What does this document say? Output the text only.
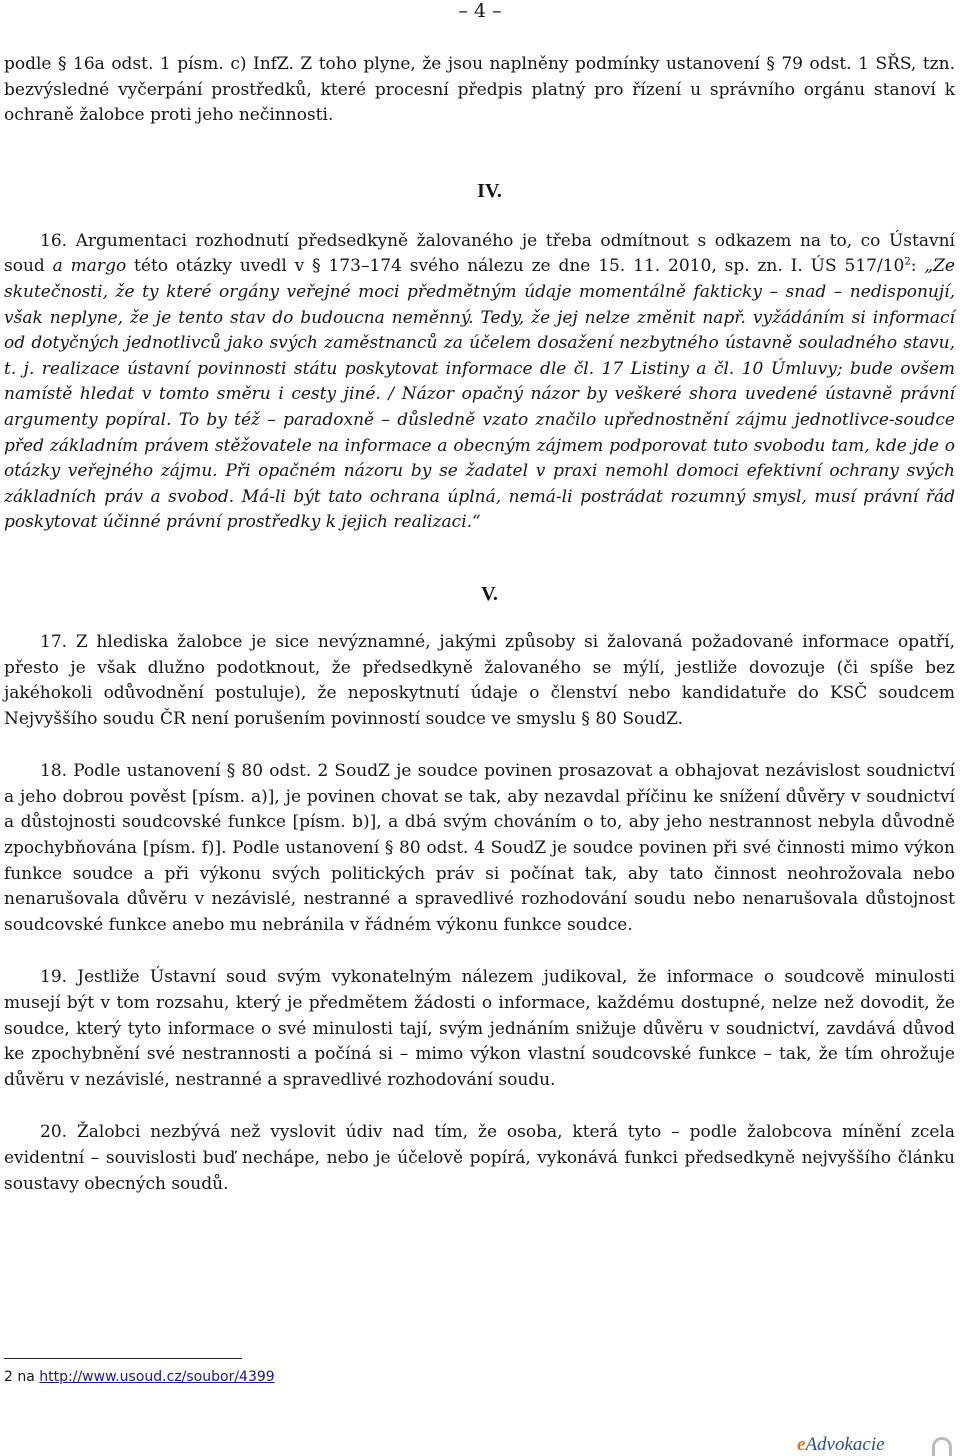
– 4 –

podle § 16a odst. 1 písm. c) InfZ. Z toho plyne, že jsou naplněny podmínky ustanovení § 79 odst. 1 SŘS, tzn. bezvýsledné vyčerpání prostředků, které procesní předpis platný pro řízení u správního orgánu stanoví k ochraně žalobce proti jeho nečinnosti.

IV.

16. Argumentaci rozhodnutí předsedkyně žalovaného je třeba odmítnout s odkazem na to, co Ústavní soud a margo této otázky uvedl v § 173–174 svého nálezu ze dne 15. 11. 2010, sp. zn. I. ÚS $517/10^2$: „Ze skutečnosti, že ty které orgány veřejné moci předmětným údaje momentálně fakticky – snad – nedisponují, však neplyne, že je tento stav do budoucna neměnný. Tedy, že jej nelze změnit např. vyžádáním si informací od dotyčných jednotlivců jako svých zaměstnanců za účelem dosažení nezbytného ústavně souladného stavu, t. j. realizace ústavní povinnosti státu poskytovat informace dle čl. 17 Listiny a čl. 10 Úmluvy; bude ovšem namístě hledat v tomto směru i cesty jiné. / Názor opačný názor by veškeré shora uvedené ústavně právní argumenty popíral. To by též – paradoxně – důsledně vzato značilo upřednostnění zájmu jednotlivce-soudce před základním právem stěžovatele na informace a obecným zájmem podporovat tuto svobodu tam, kde jde o otázky veřejného zájmu. Při opačném názoru by se žadatel v praxi nemohl domoci efektivní ochrany svých základních práv a svobod. Má-li být tato ochrana úplná, nemá-li postrádat rozumný smysl, musí právní řád poskytovat účinné právní prostředky k jejich realizaci.“

V.

17. Z hlediska žalobce je sice nevýznamné, jakými způsoby si žalovaná požadované informace opatří, přesto je však dlužno podotknout, že předsedkyně žalovaného se mýlí, jestliže dovozuje (či spíše bez jakéhokoli odůvodnění postuluje), že neposkytnutí údaje o členství nebo kandidatuře do KSČ soudcem Nejvyššího soudu ČR není porušením povinností soudce ve smyslu § 80 SoudZ.

18. Podle ustanovení § 80 odst. 2 SoudZ je soudce povinen prosazovat a obhajovat nezávislost soudnictví a jeho dobrou pověst [písm. a)], je povinen chovat se tak, aby nezavdal příčinu ke snížení důvěry v soudnictví a důstojnosti soudcovské funkce [písm. b)], a dbá svým chováním o to, aby jeho nestrannost nebyla důvodně zpochybňována [písm. f)]. Podle ustanovení § 80 odst. 4 SoudZ je soudce povinen při své činnosti mimo výkon funkce soudce a při výkonu svých politických práv si počínat tak, aby tato činnost neohrožovala nebo nenarušovala důvěru v nezávislé, nestranné a spravedlivé rozhodování soudu nebo nenarušovala důstojnost soudcovské funkce anebo mu nebránila v řádném výkonu funkce soudce.

19. Jestliže Ústavní soud svým vykonatelným nálezem judikoval, že informace o soudcově minulosti musejí být v tom rozsahu, který je předmětem žádosti o informace, každému dostupné, nelze než dovodit, že soudce, který tyto informace o své minulosti tají, svým jednáním snižuje důvěru v soudnictví, zavdává důvod ke zpochybnění své nestrannosti a počíná si – mimo výkon vlastní soudcovské funkce – tak, že tím ohrožuje důvěru v nezávislé, nestranné a spravedlivé rozhodování soudu.

20. Žalobci nezbývá než vyslovit údiv nad tím, že osoba, která tyto – podle žalobcova mínění zcela evidentní – souvislosti buď nechápe, nebo je účelově popírá, vykonává funkci předsedkyně nejvyššího článku soustavy obecných soudů.

2 na http://www.usoud.cz/soubor/4399
eAdvokacie
